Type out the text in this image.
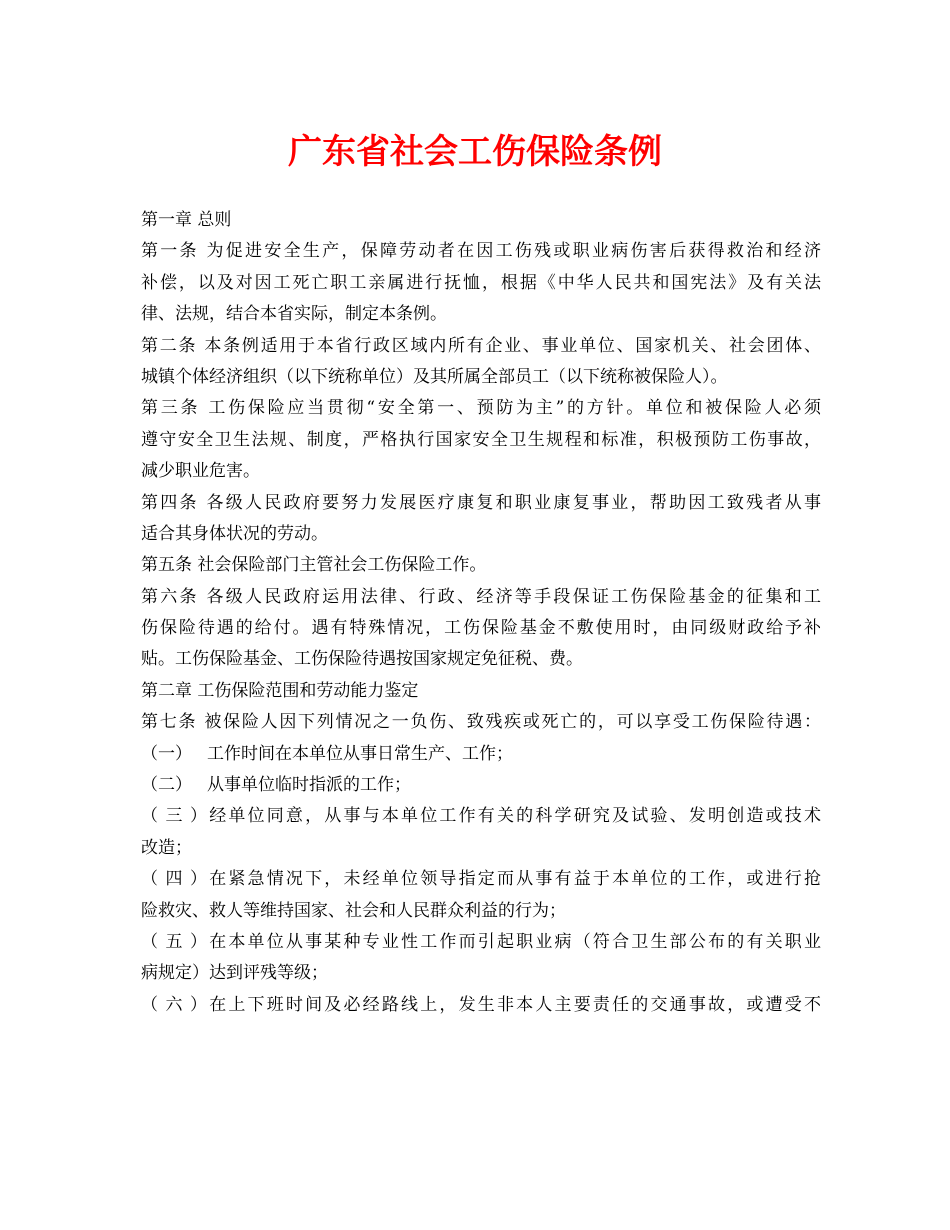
广东省社会工伤保险条例
第一章 总则
第一条 为促进安全生产，保障劳动者在因工伤残或职业病伤害后获得救治和经济
补偿，以及对因工死亡职工亲属进行抚恤，根据《中华人民共和国宪法》及有关法
律、法规，结合本省实际，制定本条例。
第二条 本条例适用于本省行政区域内所有企业、事业单位、国家机关、社会团体、
城镇个体经济组织（以下统称单位）及其所属全部员工（以下统称被保险人）。
第三条 工伤保险应当贯彻“安全第一、预防为主”的方针。单位和被保险人必须
遵守安全卫生法规、制度，严格执行国家安全卫生规程和标准，积极预防工伤事故，
减少职业危害。
第四条 各级人民政府要努力发展医疗康复和职业康复事业，帮助因工致残者从事
适合其身体状况的劳动。
第五条 社会保险部门主管社会工伤保险工作。
第六条 各级人民政府运用法律、行政、经济等手段保证工伤保险基金的征集和工
伤保险待遇的给付。遇有特殊情况，工伤保险基金不敷使用时，由同级财政给予补
贴。工伤保险基金、工伤保险待遇按国家规定免征税、费。
第二章 工伤保险范围和劳动能力鉴定
第七条 被保险人因下列情况之一负伤、致残疾或死亡的，可以享受工伤保险待遇：
（一） 工作时间在本单位从事日常生产、工作；
（二） 从事单位临时指派的工作；
（三）经单位同意，从事与本单位工作有关的科学研究及试验、发明创造或技术
改造；
（四）在紧急情况下，未经单位领导指定而从事有益于本单位的工作，或进行抢
险救灾、救人等维持国家、社会和人民群众利益的行为；
（五）在本单位从事某种专业性工作而引起职业病（符合卫生部公布的有关职业
病规定）达到评残等级；
（六）在上下班时间及必经路线上，发生非本人主要责任的交通事故，或遭受不
